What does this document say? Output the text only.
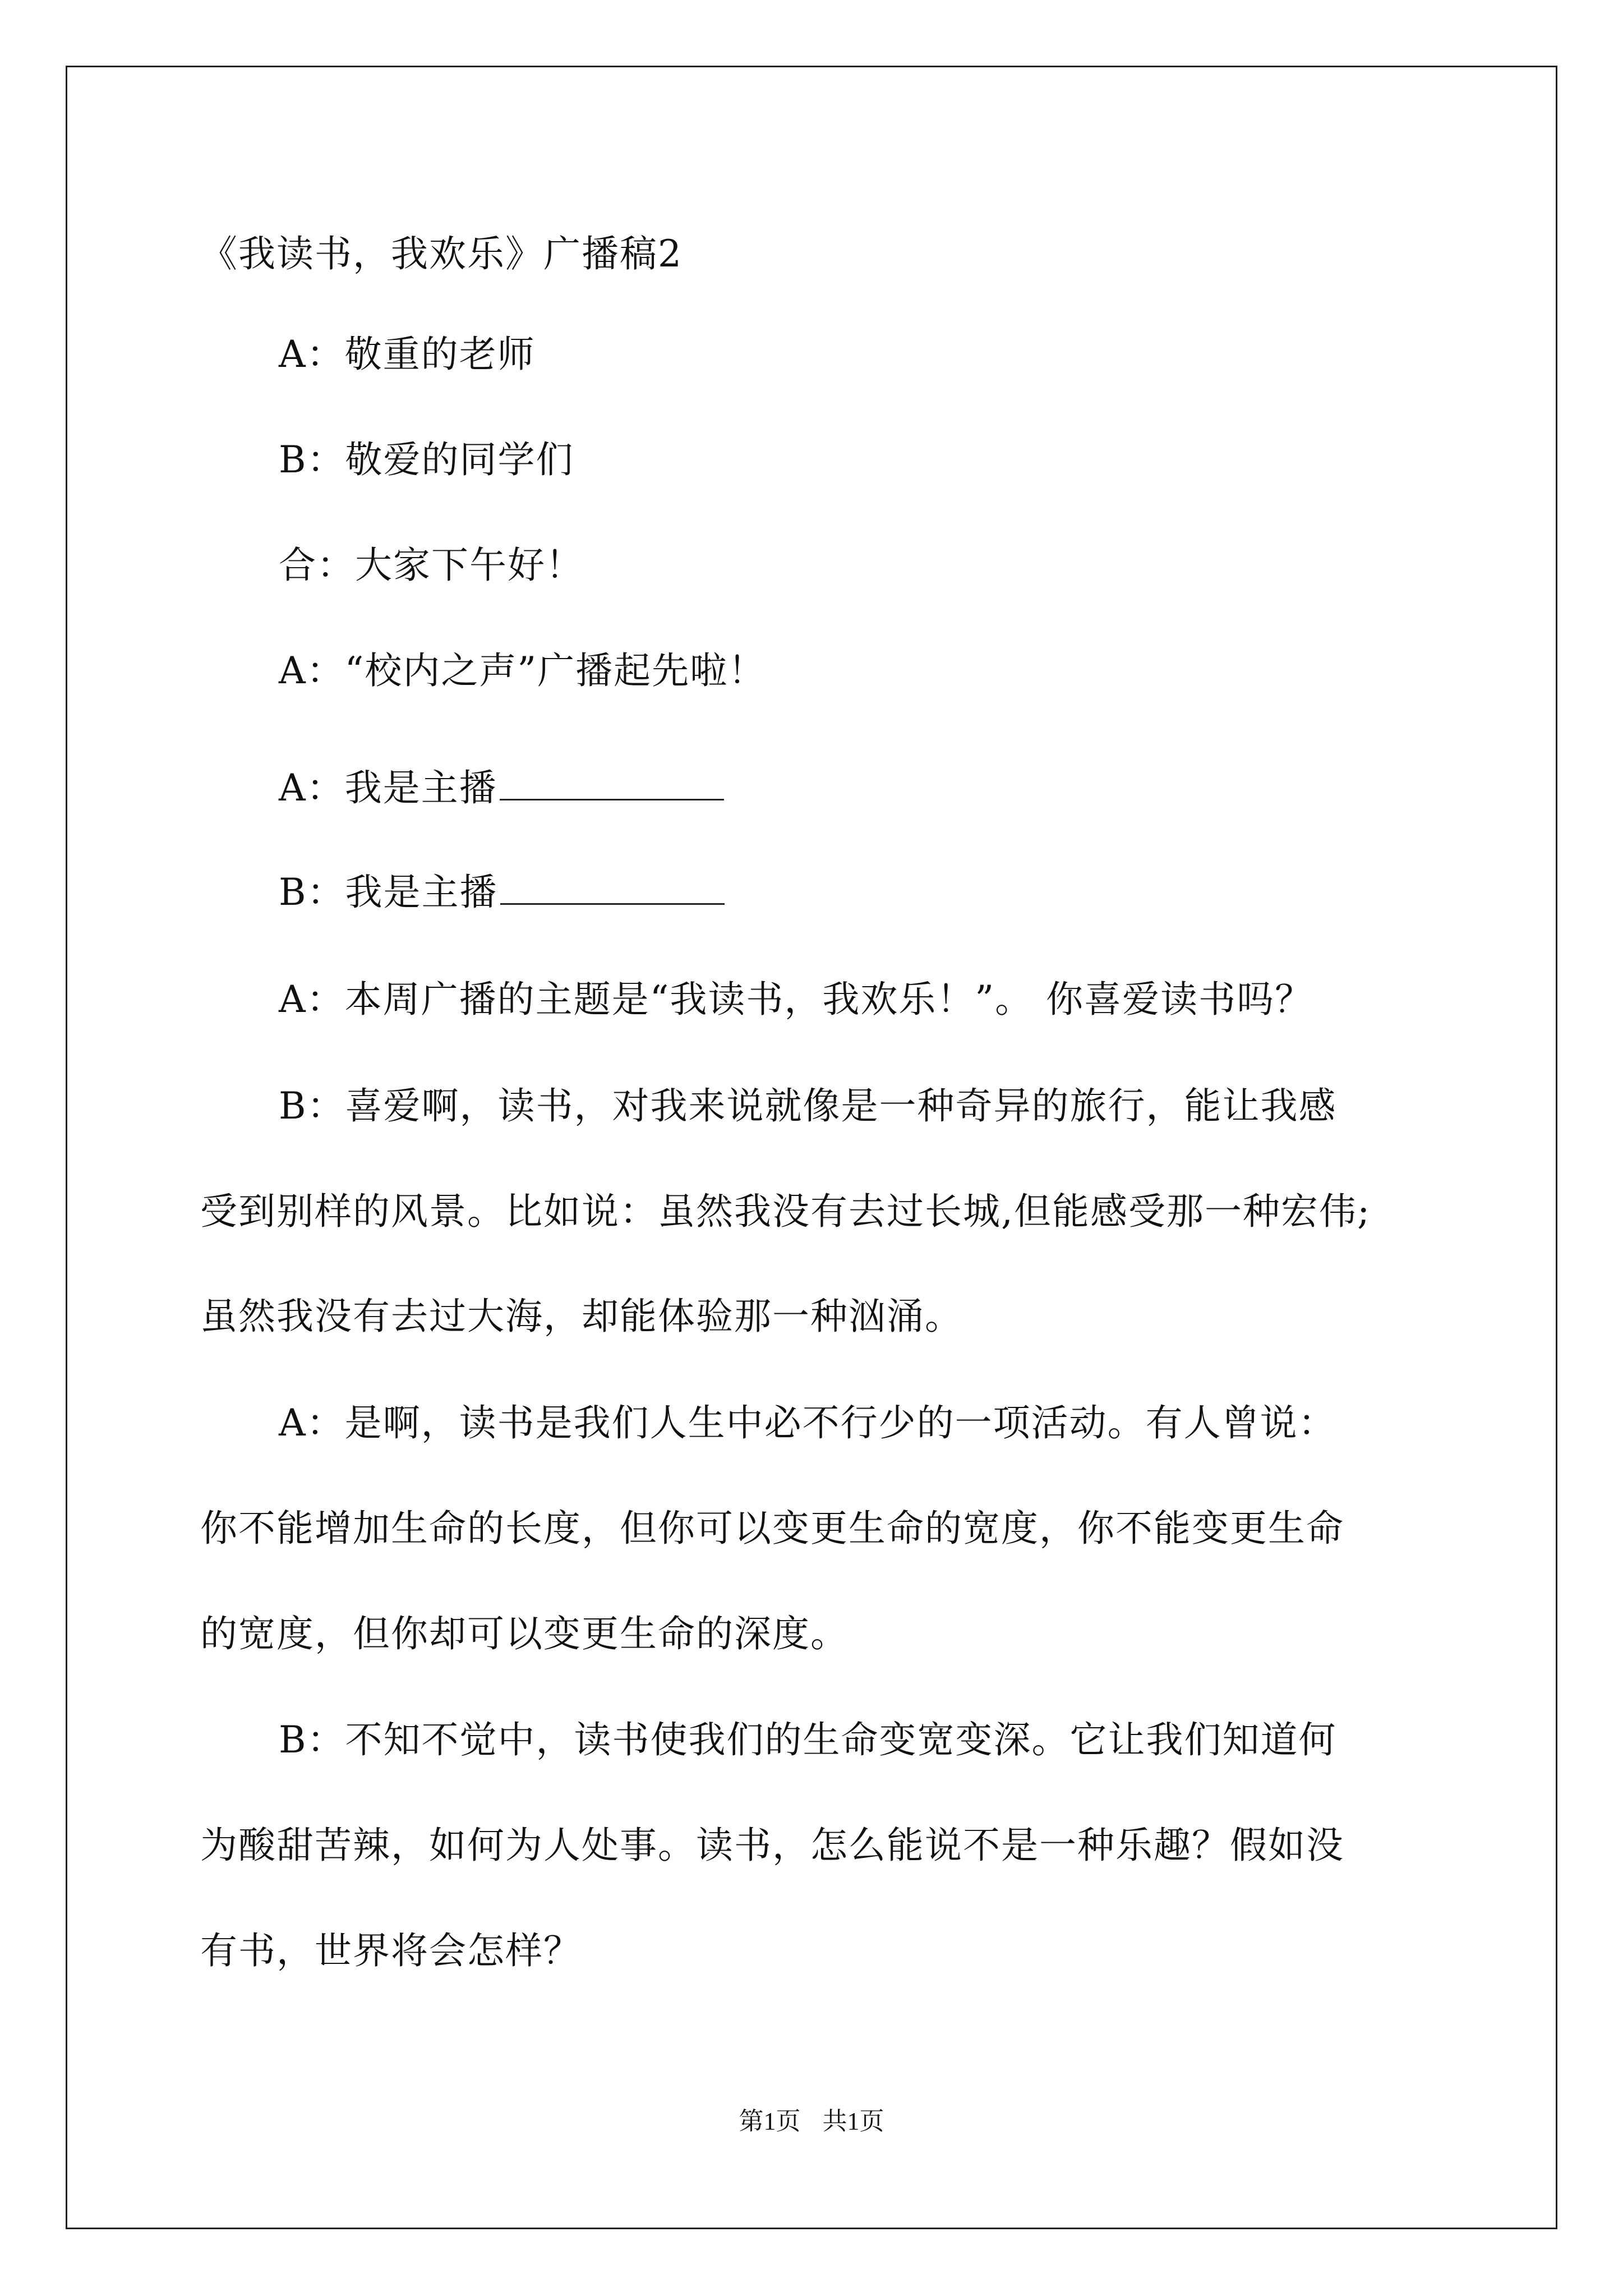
《我读书，我欢乐》广播稿2
A：敬重的老师
B：敬爱的同学们
合：大家下午好！
A：“校内之声”广播起先啦！
A：我是主播
B：我是主播
A：本周广播的主题是“我读书，我欢乐！”。 你喜爱读书吗？
B：喜爱啊，读书，对我来说就像是一种奇异的旅行，能让我感
受到别样的风景。比如说：虽然我没有去过长城,但能感受那一种宏伟;
虽然我没有去过大海，却能体验那一种汹涌。
A：是啊，读书是我们人生中必不行少的一项活动。有人曾说：
你不能增加生命的长度，但你可以变更生命的宽度，你不能变更生命
的宽度，但你却可以变更生命的深度。
B：不知不觉中，读书使我们的生命变宽变深。它让我们知道何
为酸甜苦辣，如何为人处事。读书，怎么能说不是一种乐趣？假如没
有书，世界将会怎样？
第1页 共1页
